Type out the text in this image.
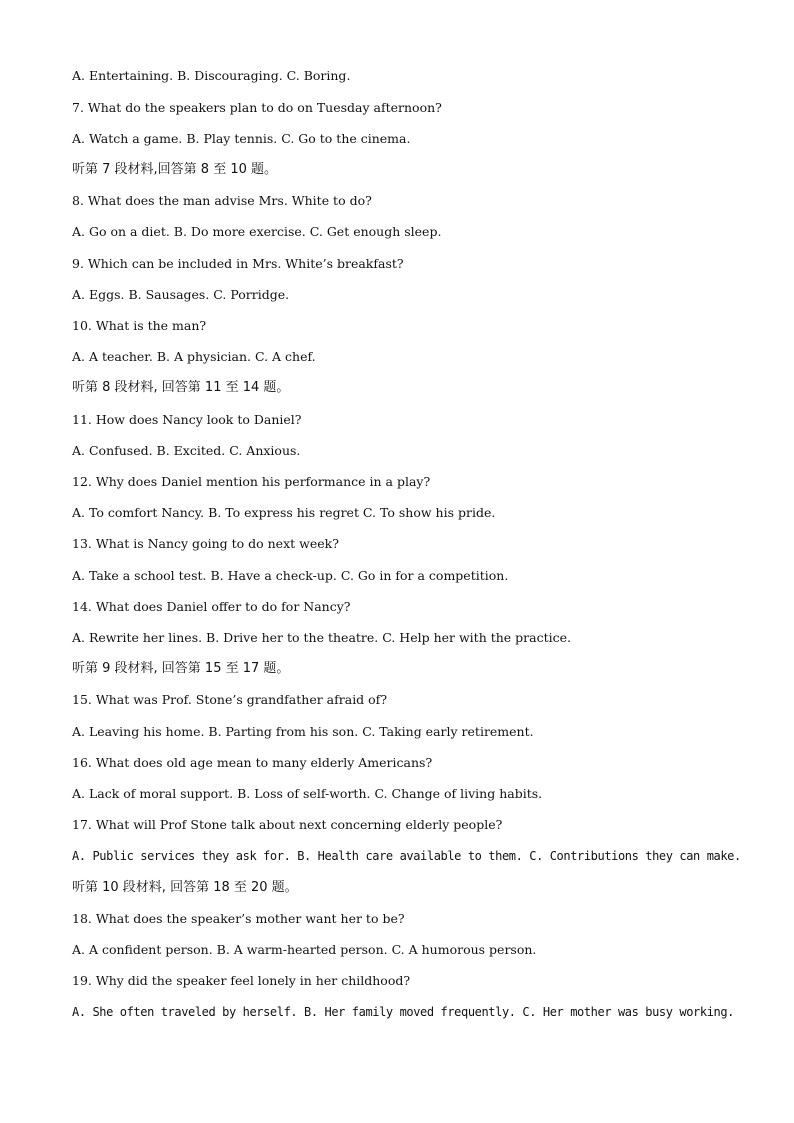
A. Entertaining. B. Discouraging. C. Boring.
7. What do the speakers plan to do on Tuesday afternoon?
A. Watch a game. B. Play tennis. C. Go to the cinema.
听第 7 段材料,回答第 8 至 10 题。
8. What does the man advise Mrs. White to do?
A. Go on a diet. B. Do more exercise. C. Get enough sleep.
9. Which can be included in Mrs. White’s breakfast?
A. Eggs. B. Sausages. C. Porridge.
10. What is the man?
A. A teacher. B. A physician. C. A chef.
听第 8 段材料, 回答第 11 至 14 题。
11. How does Nancy look to Daniel?
A. Confused. B. Excited. C. Anxious.
12. Why does Daniel mention his performance in a play?
A. To comfort Nancy. B. To express his regret C. To show his pride.
13. What is Nancy going to do next week?
A. Take a school test. B. Have a check-up. C. Go in for a competition.
14. What does Daniel offer to do for Nancy?
A. Rewrite her lines. B. Drive her to the theatre. C. Help her with the practice.
听第 9 段材料, 回答第 15 至 17 题。
15. What was Prof. Stone’s grandfather afraid of?
A. Leaving his home. B. Parting from his son. C. Taking early retirement.
16. What does old age mean to many elderly Americans?
A. Lack of moral support. B. Loss of self-worth. C. Change of living habits.
17. What will Prof Stone talk about next concerning elderly people?
A. Public services they ask for. B. Health care available to them. C. Contributions they can make.
听第 10 段材料, 回答第 18 至 20 题。
18. What does the speaker’s mother want her to be?
A. A confident person. B. A warm-hearted person. C. A humorous person.
19. Why did the speaker feel lonely in her childhood?
A. She often traveled by herself. B. Her family moved frequently. C. Her mother was busy working.
